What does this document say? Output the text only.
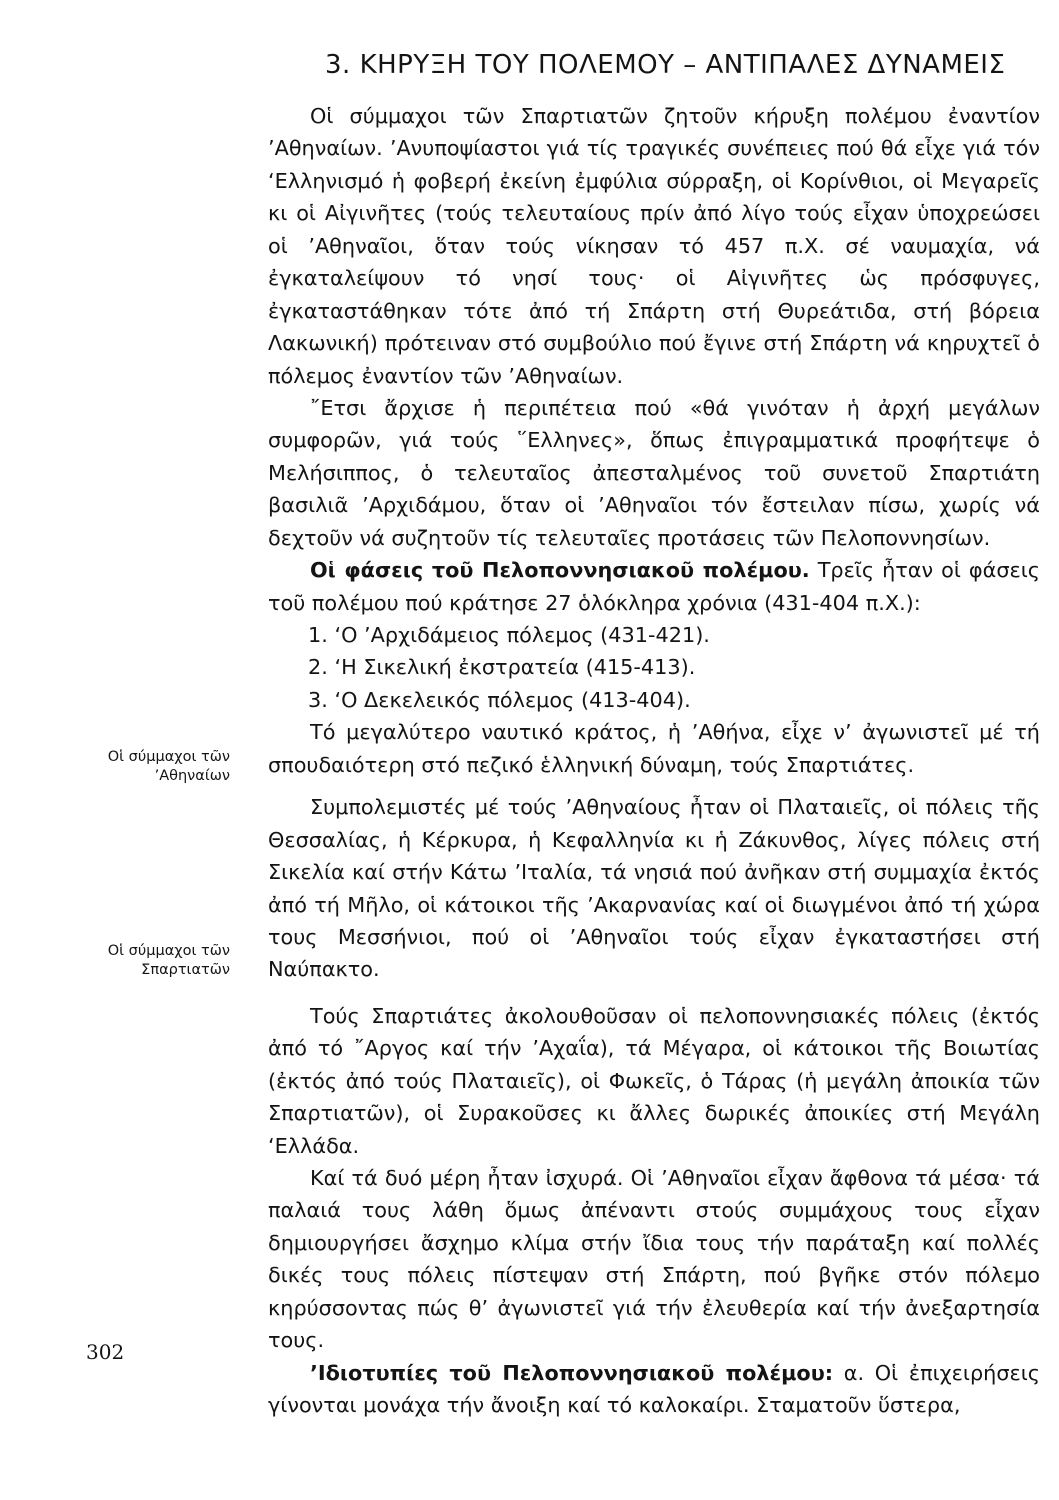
3. ΚΗΡΥΞΗ ΤΟΥ ΠΟΛΕΜΟΥ – ΑΝΤΙΠΑΛΕΣ ΔΥΝΑΜΕΙΣ

Οἱ σύμμαχοι τῶν Σπαρτιατῶν ζητοῦν κήρυξη πολέμου ἐναντίον ’Αθηναίων. ’Ανυποψίαστοι γιά τίς τραγικές συνέπειες πού θά εἶχε γιά τόν ‘Ελληνισμό ἡ φοβερή ἐκείνη ἐμφύλια σύρραξη, οἱ Κορίνθιοι, οἱ Μεγαρεῖς κι οἱ Αἰγινῆτες (τούς τελευταίους πρίν ἀπό λίγο τούς εἶχαν ὑποχρεώσει οἱ ’Αθηναῖοι, ὅταν τούς νίκησαν τό 457 π.Χ. σέ ναυμαχία, νά ἐγκαταλείψουν τό νησί τους· οἱ Αἰγινῆτες ὡς πρόσφυγες, ἐγκαταστάθηκαν τότε ἀπό τή Σπάρτη στή Θυρεάτιδα, στή βόρεια Λακωνική) πρότειναν στό συμβούλιο πού ἔγινε στή Σπάρτη νά κηρυχτεῖ ὁ πόλεμος ἐναντίον τῶν ’Αθηναίων.

῎Ετσι ἄρχισε ἡ περιπέτεια πού «θά γινόταν ἡ ἀρχή μεγάλων συμφορῶν, γιά τούς ῞Ελληνες», ὅπως ἐπιγραμματικά προφήτεψε ὁ Μελήσιππος, ὁ τελευταῖος ἀπεσταλμένος τοῦ συνετοῦ Σπαρτιάτη βασιλιᾶ ’Αρχιδάμου, ὅταν οἱ ’Αθηναῖοι τόν ἔστειλαν πίσω, χωρίς νά δεχτοῦν νά συζητοῦν τίς τελευταῖες προτάσεις τῶν Πελοποννησίων.

Οἱ φάσεις τοῦ Πελοποννησιακοῦ πολέμου. Τρεῖς ἦταν οἱ φάσεις τοῦ πολέμου πού κράτησε 27 ὁλόκληρα χρόνια (431-404 π.Χ.):

1. ‘Ο ’Αρχιδάμειος πόλεμος (431-421).

2. ‘Η Σικελική ἐκστρατεία (415-413).

3. ‘Ο Δεκελεικός πόλεμος (413-404).

Τό μεγαλύτερο ναυτικό κράτος, ἡ ’Αθήνα, εἶχε ν’ ἀγωνιστεῖ μέ τή σπουδαιότερη στό πεζικό ἑλληνική δύναμη, τούς Σπαρτιάτες.

Συμπολεμιστές μέ τούς ’Αθηναίους ἦταν οἱ Πλαταιεῖς, οἱ πόλεις τῆς Θεσσαλίας, ἡ Κέρκυρα, ἡ Κεφαλληνία κι ἡ Ζάκυνθος, λίγες πόλεις στή Σικελία καί στήν Κάτω ’Ιταλία, τά νησιά πού ἀνῆκαν στή συμμαχία ἐκτός ἀπό τή Μῆλο, οἱ κάτοικοι τῆς ’Ακαρνανίας καί οἱ διωγμένοι ἀπό τή χώρα τους Μεσσήνιοι, πού οἱ ’Αθηναῖοι τούς εἶχαν ἐγκαταστήσει στή Ναύπακτο.

Τούς Σπαρτιάτες ἀκολουθοῦσαν οἱ πελοποννησιακές πόλεις (ἐκτός ἀπό τό ῎Αργος καί τήν ’Αχαΐα), τά Μέγαρα, οἱ κάτοικοι τῆς Βοιωτίας (ἐκτός ἀπό τούς Πλαταιεῖς), οἱ Φωκεῖς, ὁ Τάρας (ἡ μεγάλη ἀποικία τῶν Σπαρτιατῶν), οἱ Συρακοῦσες κι ἄλλες δωρικές ἀποικίες στή Μεγάλη ‘Ελλάδα.

Καί τά δυό μέρη ἦταν ἰσχυρά. Οἱ ’Αθηναῖοι εἶχαν ἄφθονα τά μέσα· τά παλαιά τους λάθη ὅμως ἀπέναντι στούς συμμάχους τους εἶχαν δημιουργήσει ἄσχημο κλίμα στήν ἴδια τους τήν παράταξη καί πολλές δικές τους πόλεις πίστεψαν στή Σπάρτη, πού βγῆκε στόν πόλεμο κηρύσσοντας πώς θ’ ἀγωνιστεῖ γιά τήν ἐλευθερία καί τήν ἀνεξαρτησία τους.

’Ιδιοτυπίες τοῦ Πελοποννησιακοῦ πολέμου: α. Οἱ ἐπιχειρήσεις γίνονται μονάχα τήν ἄνοιξη καί τό καλοκαίρι. Σταματοῦν ὕστερα,

Οἱ σύμμαχοι τῶν ’Αθηναίων
Οἱ σύμμαχοι τῶν Σπαρτιατῶν
302
